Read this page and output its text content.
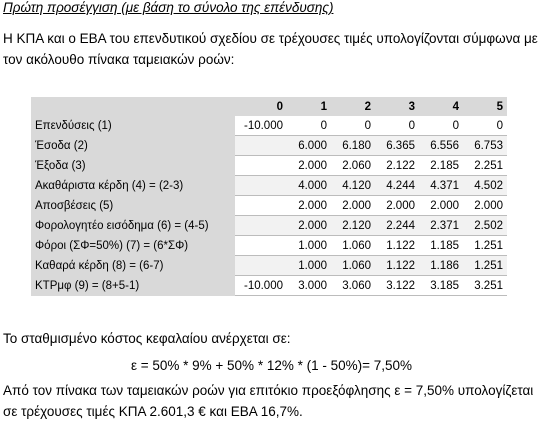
Πρώτη προσέγγιση (με βάση το σύνολο της επένδυσης)
Η ΚΠΑ και ο ΕΒΑ του επενδυτικού σχεδίου σε τρέχουσες τιμές υπολογίζονται σύμφωνα με τον ακόλουθο πίνακα ταμειακών ροών:
	0	1	2	3	4	5
Επενδύσεις (1)	-10.000	0	0	0	0	0
Έσοδα (2)		6.000	6.180	6.365	6.556	6.753
Έξοδα (3)		2.000	2.060	2.122	2.185	2.251
Ακαθάριστα κέρδη (4) = (2-3)		4.000	4.120	4.244	4.371	4.502
Αποσβέσεις (5)		2.000	2.000	2.000	2.000	2.000
Φορολογητέο εισόδημα (6) = (4-5)		2.000	2.120	2.244	2.371	2.502
Φόροι (ΣΦ=50%) (7) = (6*ΣΦ)		1.000	1.060	1.122	1.185	1.251
Καθαρά κέρδη (8) = (6-7)		1.000	1.060	1.122	1.186	1.251
ΚΤΡμφ (9) = (8+5-1)	-10.000	3.000	3.060	3.122	3.185	3.251
Το σταθμισμένο κόστος κεφαλαίου ανέρχεται σε:
ε = 50% * 9% + 50% * 12% * (1 - 50%)= 7,50%
Από τον πίνακα των ταμειακών ροών για επιτόκιο προεξόφλησης ε = 7,50% υπολογίζεται σε τρέχουσες τιμές ΚΠΑ 2.601,3 € και ΕΒΑ 16,7%.
